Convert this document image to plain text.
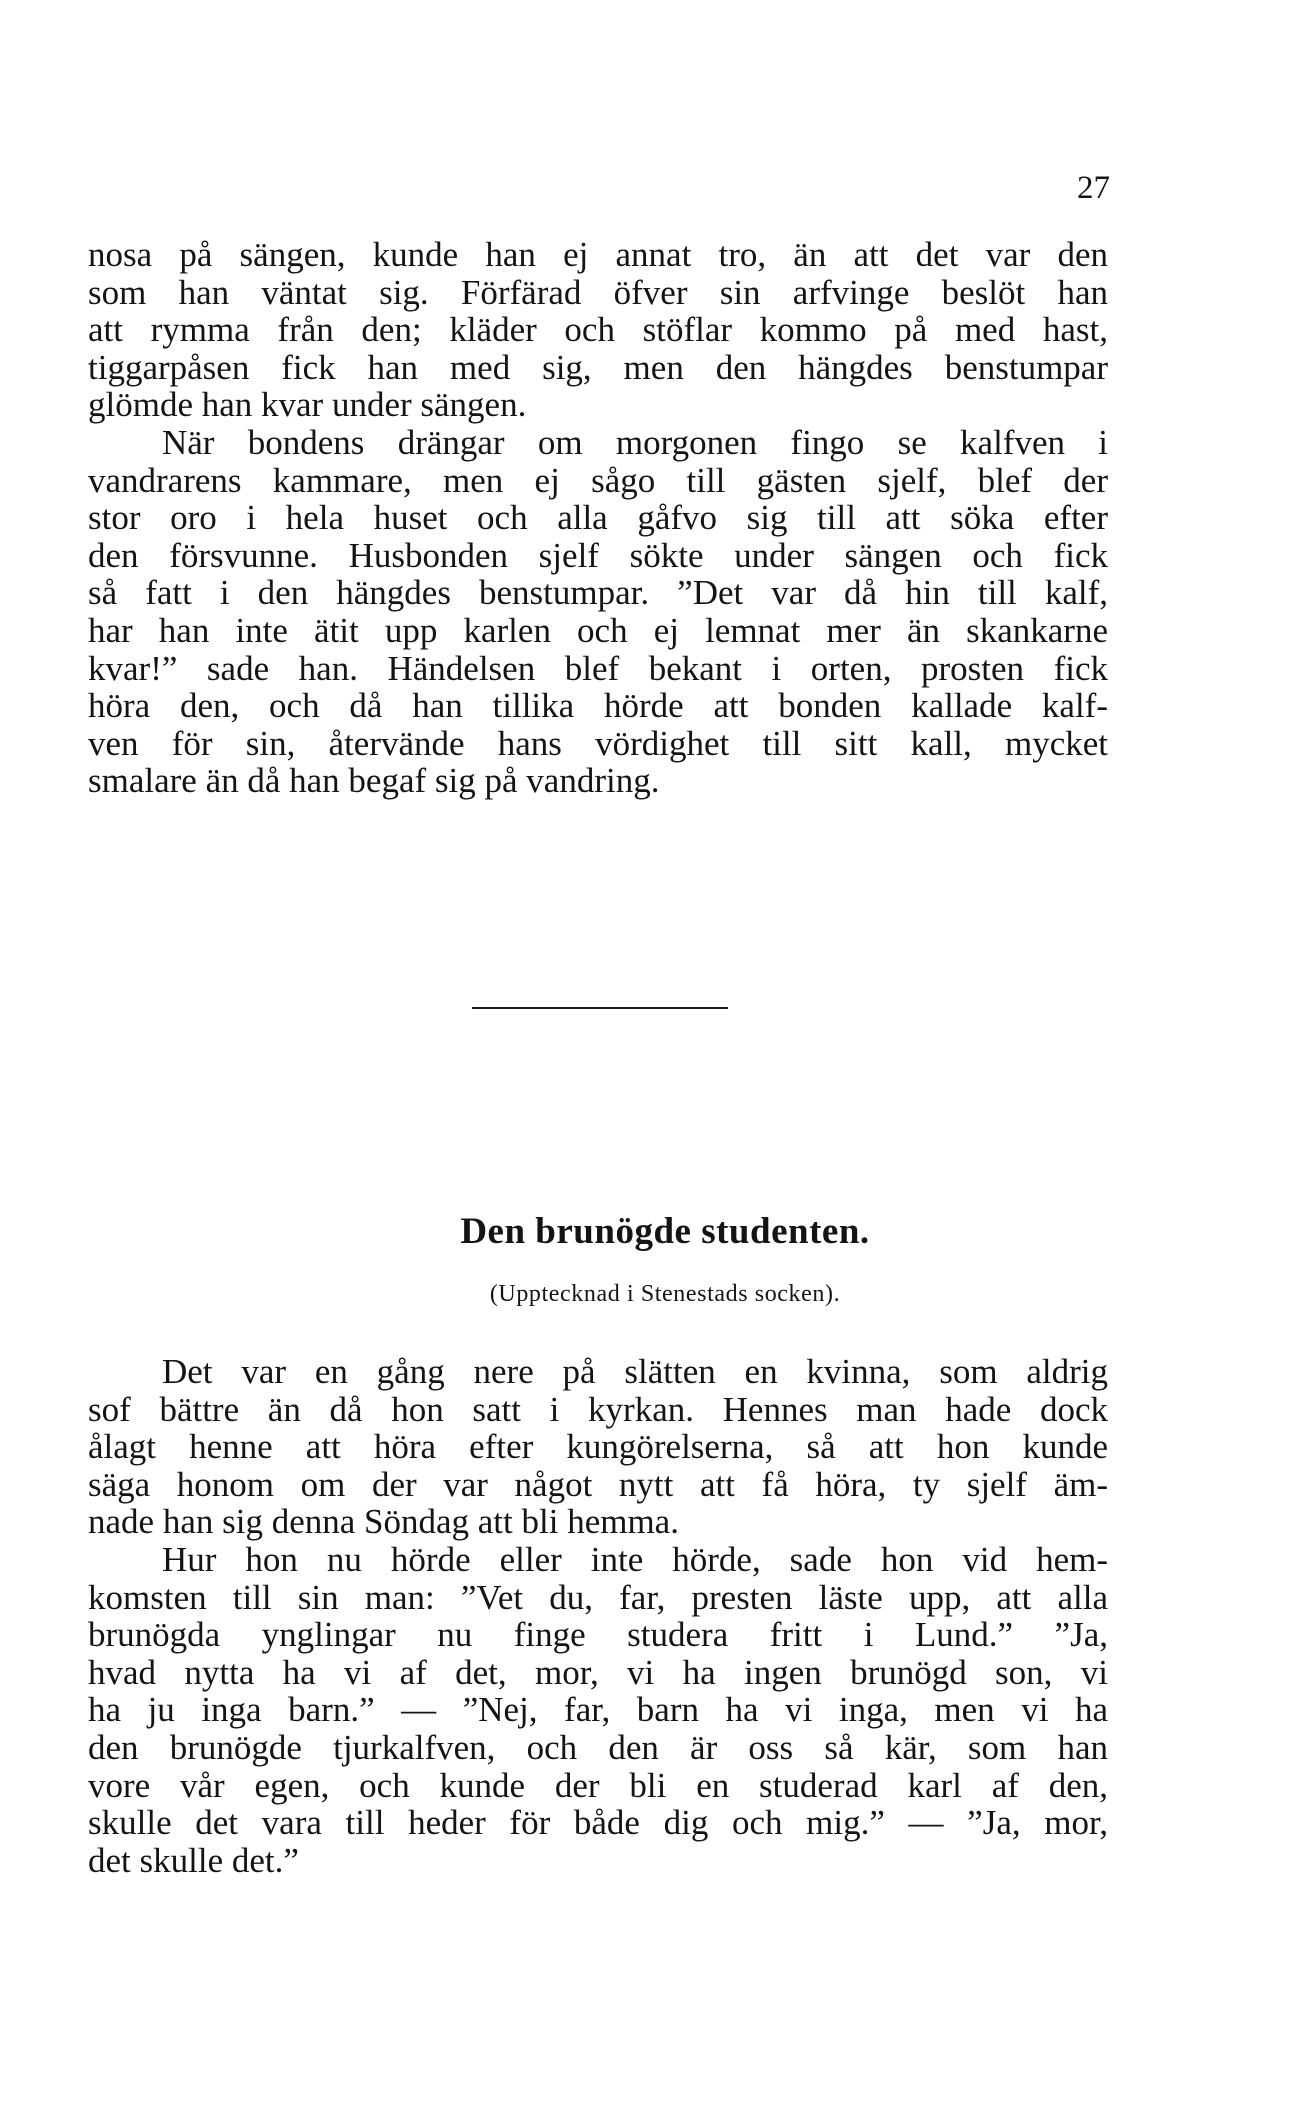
27
nosa på sängen, kunde han ej annat tro, än att det var den
som han väntat sig. Förfärad öfver sin arfvinge beslöt han
att rymma från den; kläder och stöflar kommo på med hast,
tiggarpåsen fick han med sig, men den hängdes benstumpar
glömde han kvar under sängen.
När bondens drängar om morgonen fingo se kalfven i
vandrarens kammare, men ej sågo till gästen sjelf, blef der
stor oro i hela huset och alla gåfvo sig till att söka efter
den försvunne. Husbonden sjelf sökte under sängen och fick
så fatt i den hängdes benstumpar. ”Det var då hin till kalf,
har han inte ätit upp karlen och ej lemnat mer än skankarne
kvar!” sade han. Händelsen blef bekant i orten, prosten fick
höra den, och då han tillika hörde att bonden kallade kalf-
ven för sin, återvände hans vördighet till sitt kall, mycket
smalare än då han begaf sig på vandring.
Den brunögde studenten.
(Upptecknad i Stenestads socken).
Det var en gång nere på slätten en kvinna, som aldrig
sof bättre än då hon satt i kyrkan. Hennes man hade dock
ålagt henne att höra efter kungörelserna, så att hon kunde
säga honom om der var något nytt att få höra, ty sjelf äm-
nade han sig denna Söndag att bli hemma.
Hur hon nu hörde eller inte hörde, sade hon vid hem-
komsten till sin man: ”Vet du, far, presten läste upp, att alla
brunögda ynglingar nu finge studera fritt i Lund.” ”Ja,
hvad nytta ha vi af det, mor, vi ha ingen brunögd son, vi
ha ju inga barn.” — ”Nej, far, barn ha vi inga, men vi ha
den brunögde tjurkalfven, och den är oss så kär, som han
vore vår egen, och kunde der bli en studerad karl af den,
skulle det vara till heder för både dig och mig.” — ”Ja, mor,
det skulle det.”
